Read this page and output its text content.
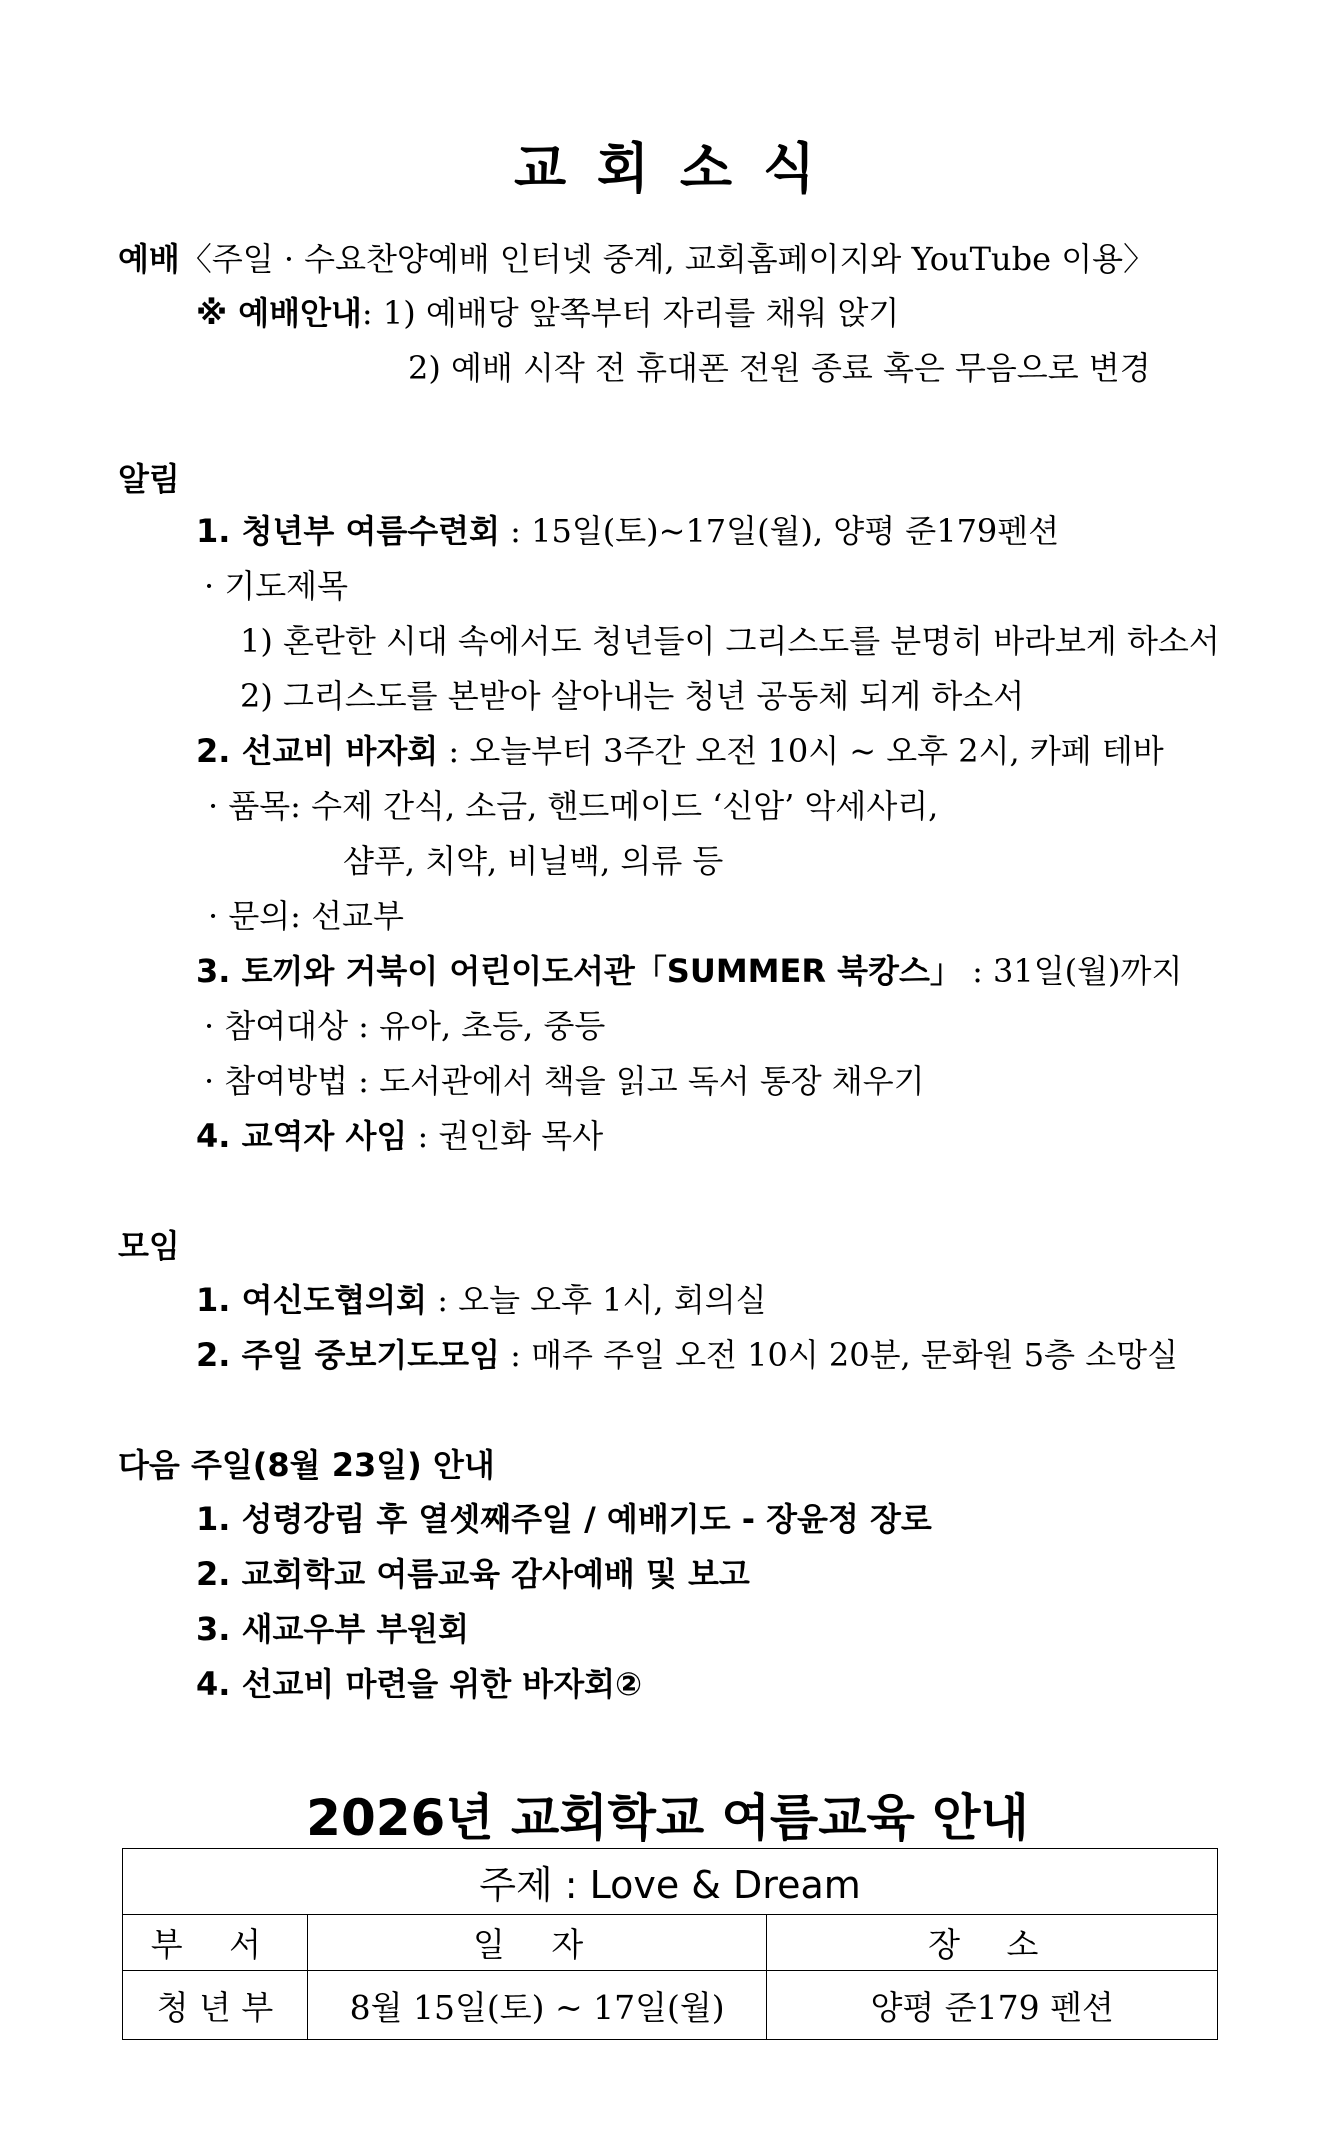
교 회 소 식
예배〈주일 · 수요찬양예배 인터넷 중계, 교회홈페이지와 YouTube 이용〉
※ 예배안내: 1) 예배당 앞쪽부터 자리를 채워 앉기
2) 예배 시작 전 휴대폰 전원 종료 혹은 무음으로 변경
알림
1. 청년부 여름수련회 : 15일(토)~17일(월), 양평 준179펜션
· 기도제목
1) 혼란한 시대 속에서도 청년들이 그리스도를 분명히 바라보게 하소서
2) 그리스도를 본받아 살아내는 청년 공동체 되게 하소서
2. 선교비 바자회 : 오늘부터 3주간 오전 10시 ~ 오후 2시, 카페 테바
· 품목: 수제 간식, 소금, 핸드메이드 ‘신암’ 악세사리,
샴푸, 치약, 비닐백, 의류 등
· 문의: 선교부
3. 토끼와 거북이 어린이도서관「SUMMER 북캉스」 : 31일(월)까지
· 참여대상 : 유아, 초등, 중등
· 참여방법 : 도서관에서 책을 읽고 독서 통장 채우기
4. 교역자 사임 : 권인화 목사
모임
1. 여신도협의회 : 오늘 오후 1시, 회의실
2. 주일 중보기도모임 : 매주 주일 오전 10시 20분, 문화원 5층 소망실
다음 주일(8월 23일) 안내
1. 성령강림 후 열셋째주일 / 예배기도 - 장윤정 장로
2. 교회학교 여름교육 감사예배 및 보고
3. 새교우부 부원회
4. 선교비 마련을 위한 바자회②
2026년 교회학교 여름교육 안내
주제 : Love & Dream		
부 서	일 자	장 소
청 년 부	8월 15일(토) ~ 17일(월)	양평 준179 펜션
